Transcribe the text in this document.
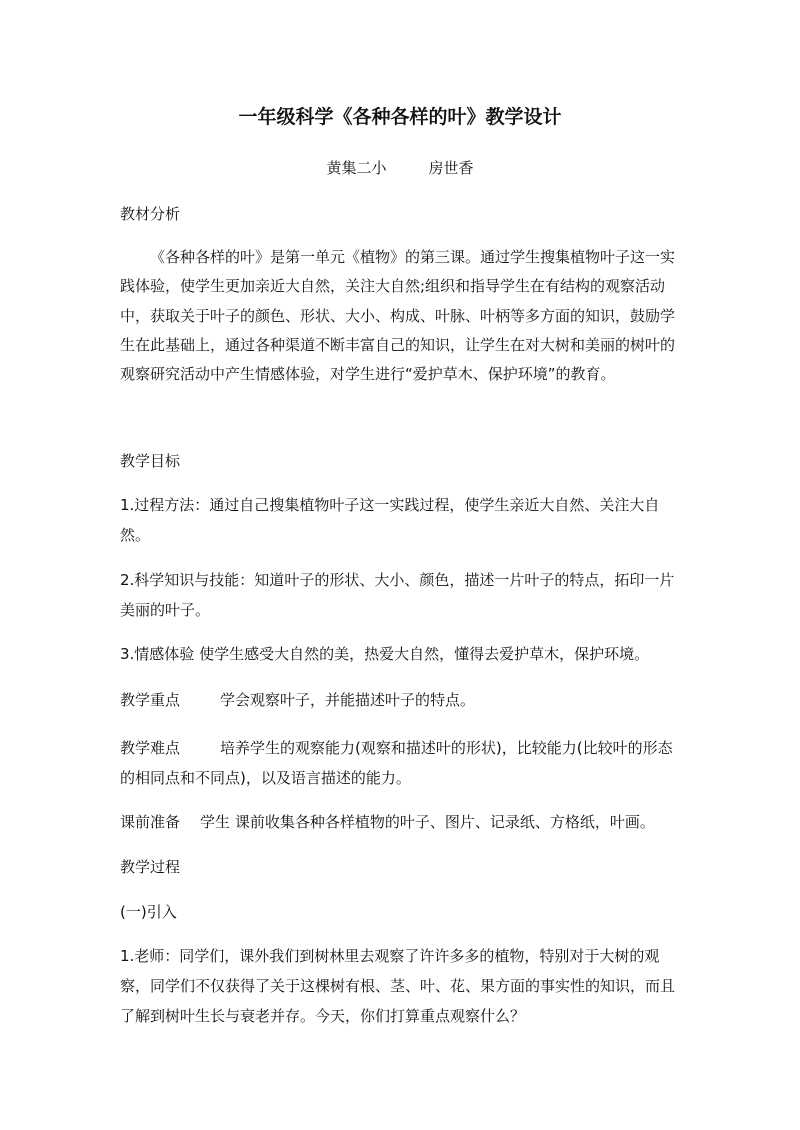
一年级科学《各种各样的叶》教学设计
黄集二小	房世香

教材分析

《各种各样的叶》是第一单元《植物》的第三课。通过学生搜集植物叶子这一实践体验，使学生更加亲近大自然，关注大自然;组织和指导学生在有结构的观察活动中，获取关于叶子的颜色、形状、大小、构成、叶脉、叶柄等多方面的知识，鼓励学生在此基础上，通过各种渠道不断丰富自己的知识，让学生在对大树和美丽的树叶的观察研究活动中产生情感体验，对学生进行“爱护草木、保护环境”的教育。

教学目标

1.过程方法：通过自己搜集植物叶子这一实践过程，使学生亲近大自然、关注大自然。

2.科学知识与技能：知道叶子的形状、大小、颜色，描述一片叶子的特点，拓印一片美丽的叶子。

3.情感体验 使学生感受大自然的美，热爱大自然，懂得去爱护草木，保护环境。

教学重点	学会观察叶子，并能描述叶子的特点。

教学难点	培养学生的观察能力(观察和描述叶的形状)，比较能力(比较叶的形态的相同点和不同点)，以及语言描述的能力。

课前准备 学生 课前收集各种各样植物的叶子、图片、记录纸、方格纸，叶画。

教学过程

(一)引入

1.老师：同学们，课外我们到树林里去观察了许许多多的植物，特别对于大树的观察，同学们不仅获得了关于这棵树有根、茎、叶、花、果方面的事实性的知识，而且了解到树叶生长与衰老并存。今天，你们打算重点观察什么？
